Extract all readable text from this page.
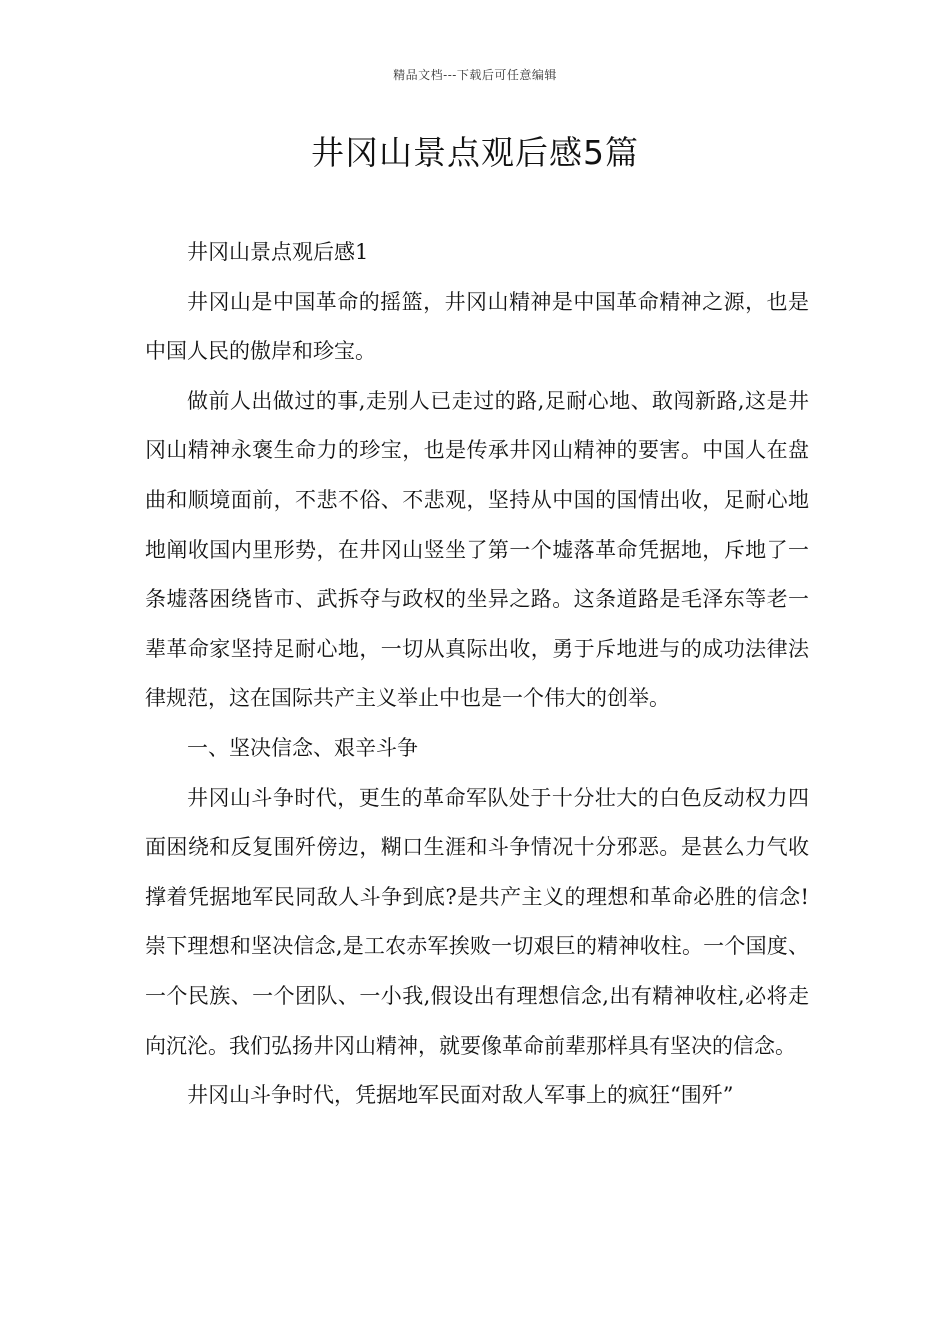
精品文档---下载后可任意编辑
井冈山景点观后感5篇

井冈山景点观后感1

井冈山是中国革命的摇篮，井冈山精神是中国革命精神之源，也是中国人民的傲岸和珍宝。

做前人出做过的事,走别人已走过的路,足耐心地、敢闯新路,这是井冈山精神永褒生命力的珍宝，也是传承井冈山精神的要害。中国人在盘曲和顺境面前，不悲不俗、不悲观，坚持从中国的国情出收，足耐心地地阐收国内里形势，在井冈山竖坐了第一个墟落革命凭据地，斥地了一条墟落困绕皆市、武拆夺与政权的坐异之路。这条道路是毛泽东等老一辈革命家坚持足耐心地，一切从真际出收，勇于斥地进与的成功法律法律规范，这在国际共产主义举止中也是一个伟大的创举。

一、坚决信念、艰辛斗争

井冈山斗争时代，更生的革命军队处于十分壮大的白色反动权力四面困绕和反复围歼傍边，糊口生涯和斗争情况十分邪恶。是甚么力气收撑着凭据地军民同敌人斗争到底?是共产主义的理想和革命必胜的信念!崇下理想和坚决信念,是工农赤军挨败一切艰巨的精神收柱。一个国度、一个民族、一个团队、一小我,假设出有理想信念,出有精神收柱,必将走向沉沦。我们弘扬井冈山精神，就要像革命前辈那样具有坚决的信念。

井冈山斗争时代，凭据地军民面对敌人军事上的疯狂“围歼”
